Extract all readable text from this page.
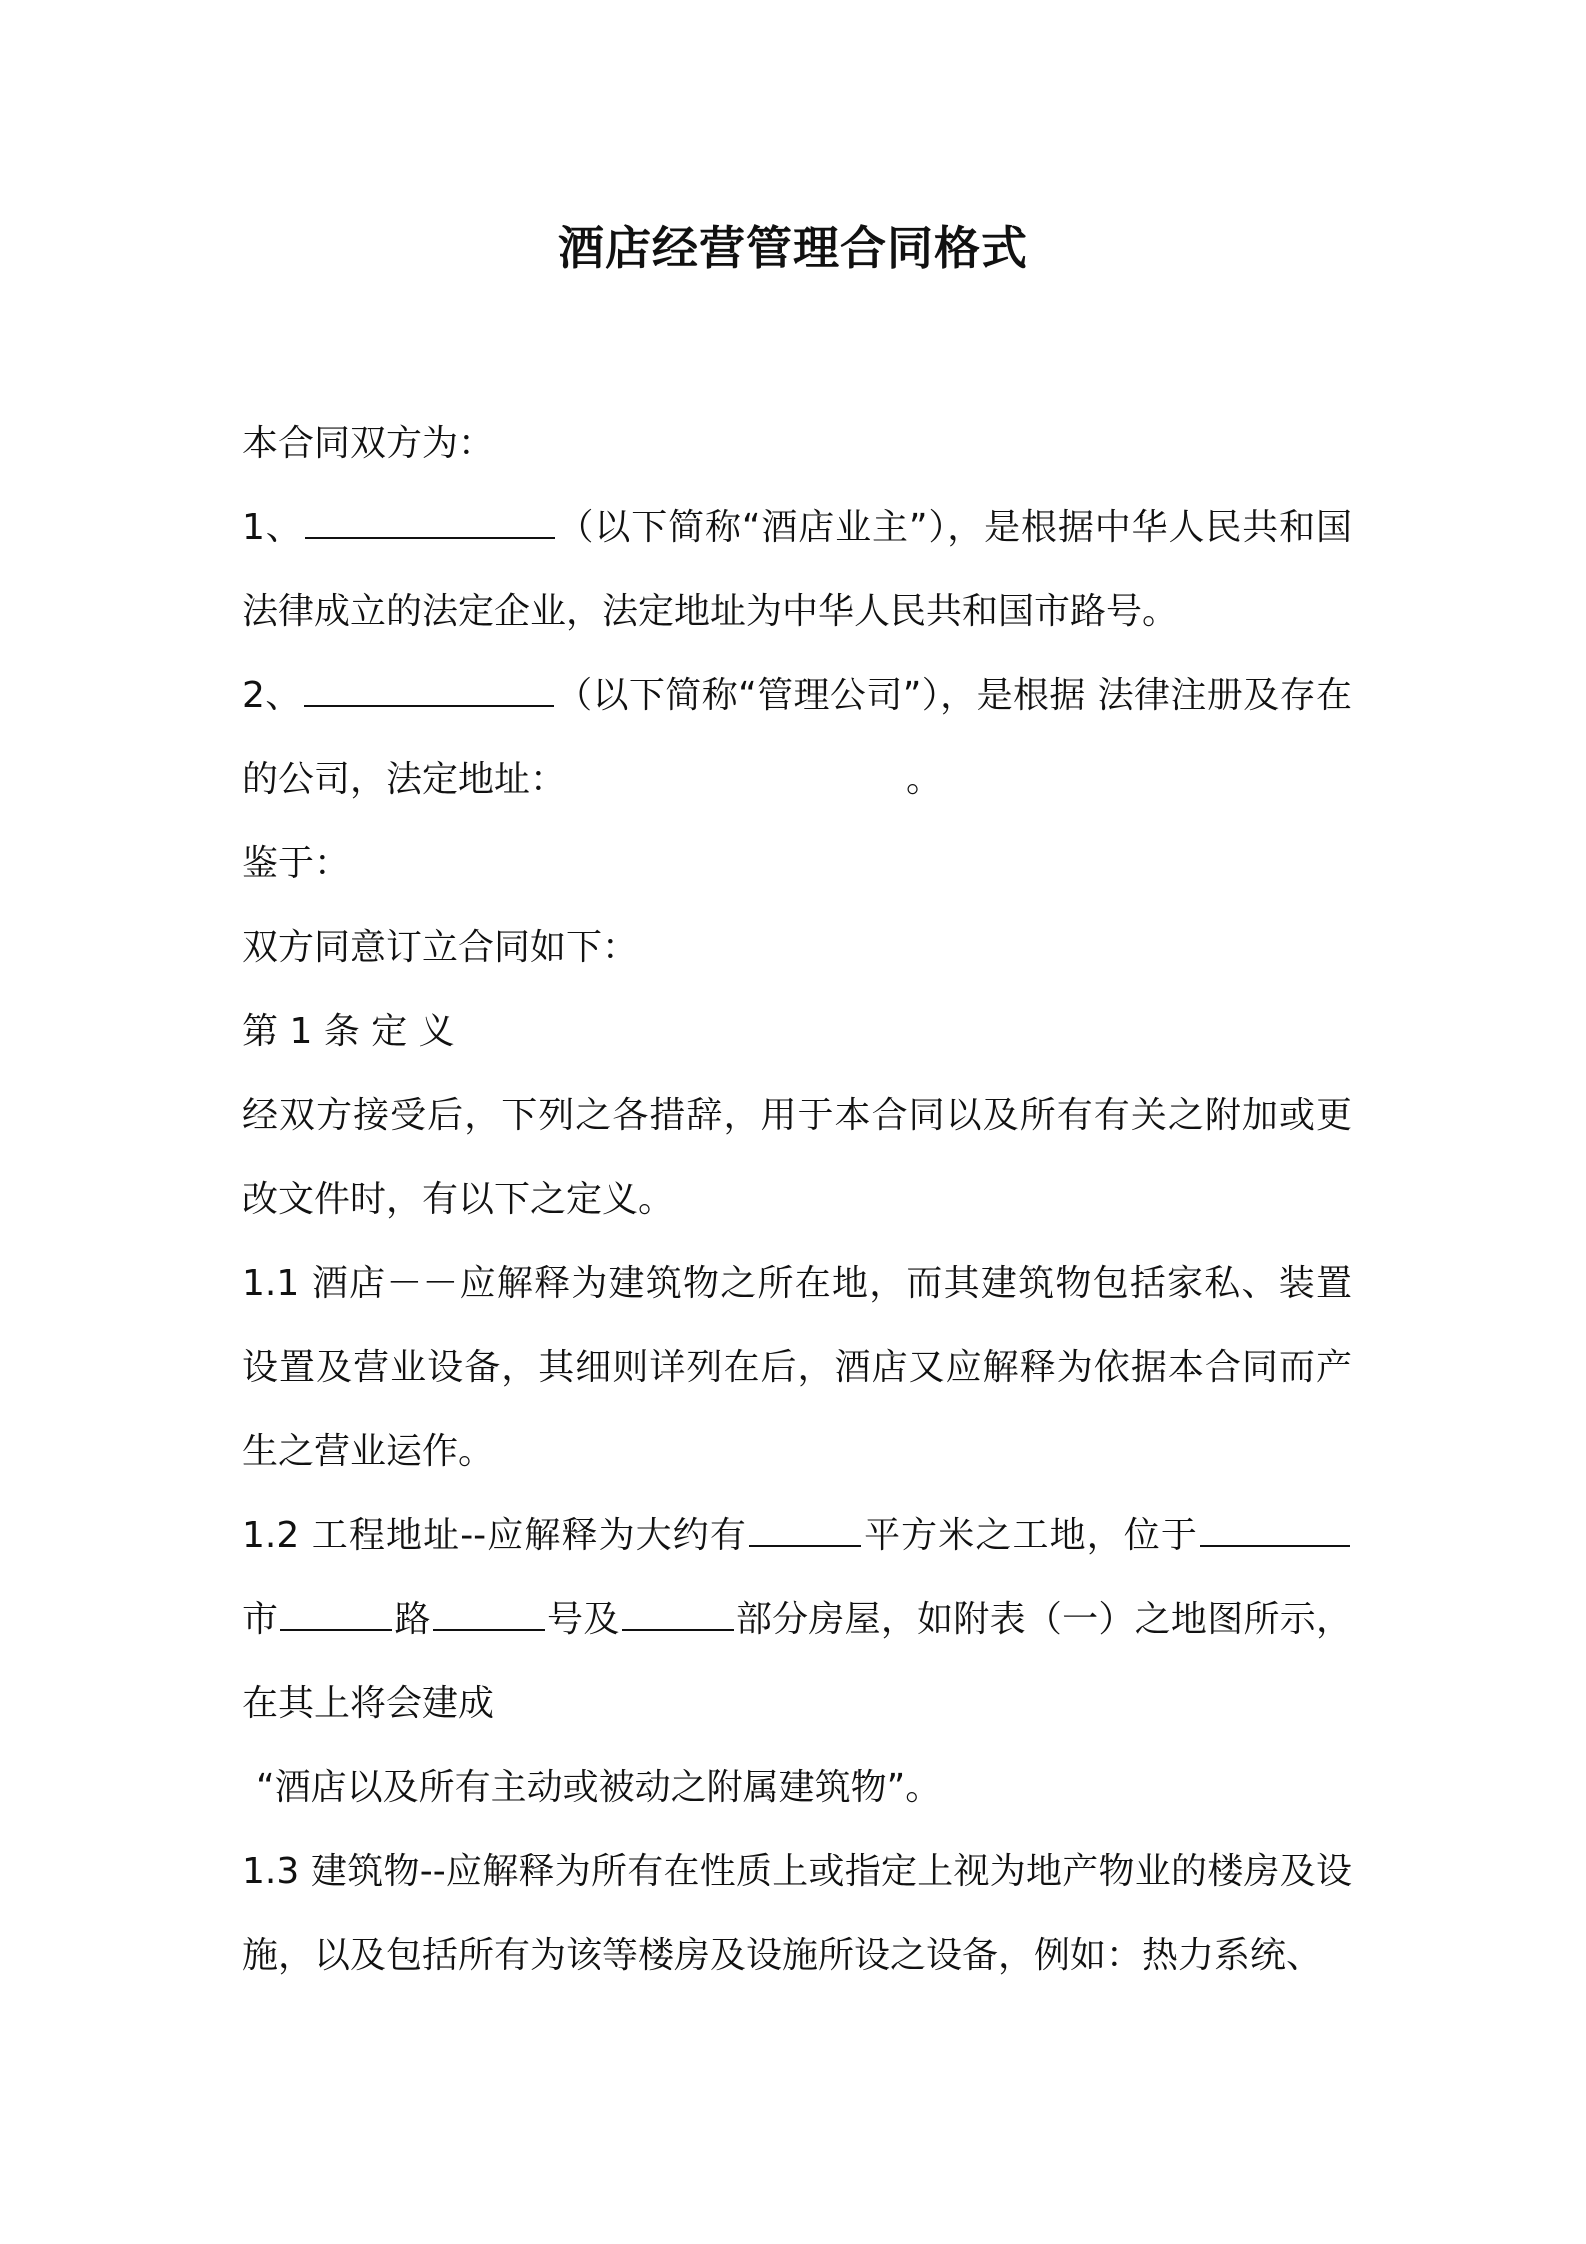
酒店经营管理合同格式

本合同双方为：

1、	（以下简称“酒店业主”），是根据中华人民共和国法律成立的法定企业，法定地址为中华人民共和国市路号。

2、	（以下简称“管理公司”），是根据 法律注册及存在的公司，法定地址：	。

鉴于：

双方同意订立合同如下：

第 1 条 定 义

经双方接受后，下列之各措辞，用于本合同以及所有有关之附加或更改文件时，有以下之定义。

1.1 酒店－－应解释为建筑物之所在地，而其建筑物包括家私、装置设置及营业设备，其细则详列在后，酒店又应解释为依据本合同而产生之营业运作。

1.2 工程地址--应解释为大约有	平方米之工地，位于市	路	号及	部分房屋，如附表（一）之地图所示，在其上将会建成

“酒店以及所有主动或被动之附属建筑物”。

1.3 建筑物--应解释为所有在性质上或指定上视为地产物业的楼房及设施，以及包括所有为该等楼房及设施所设之设备，例如：热力系统、
